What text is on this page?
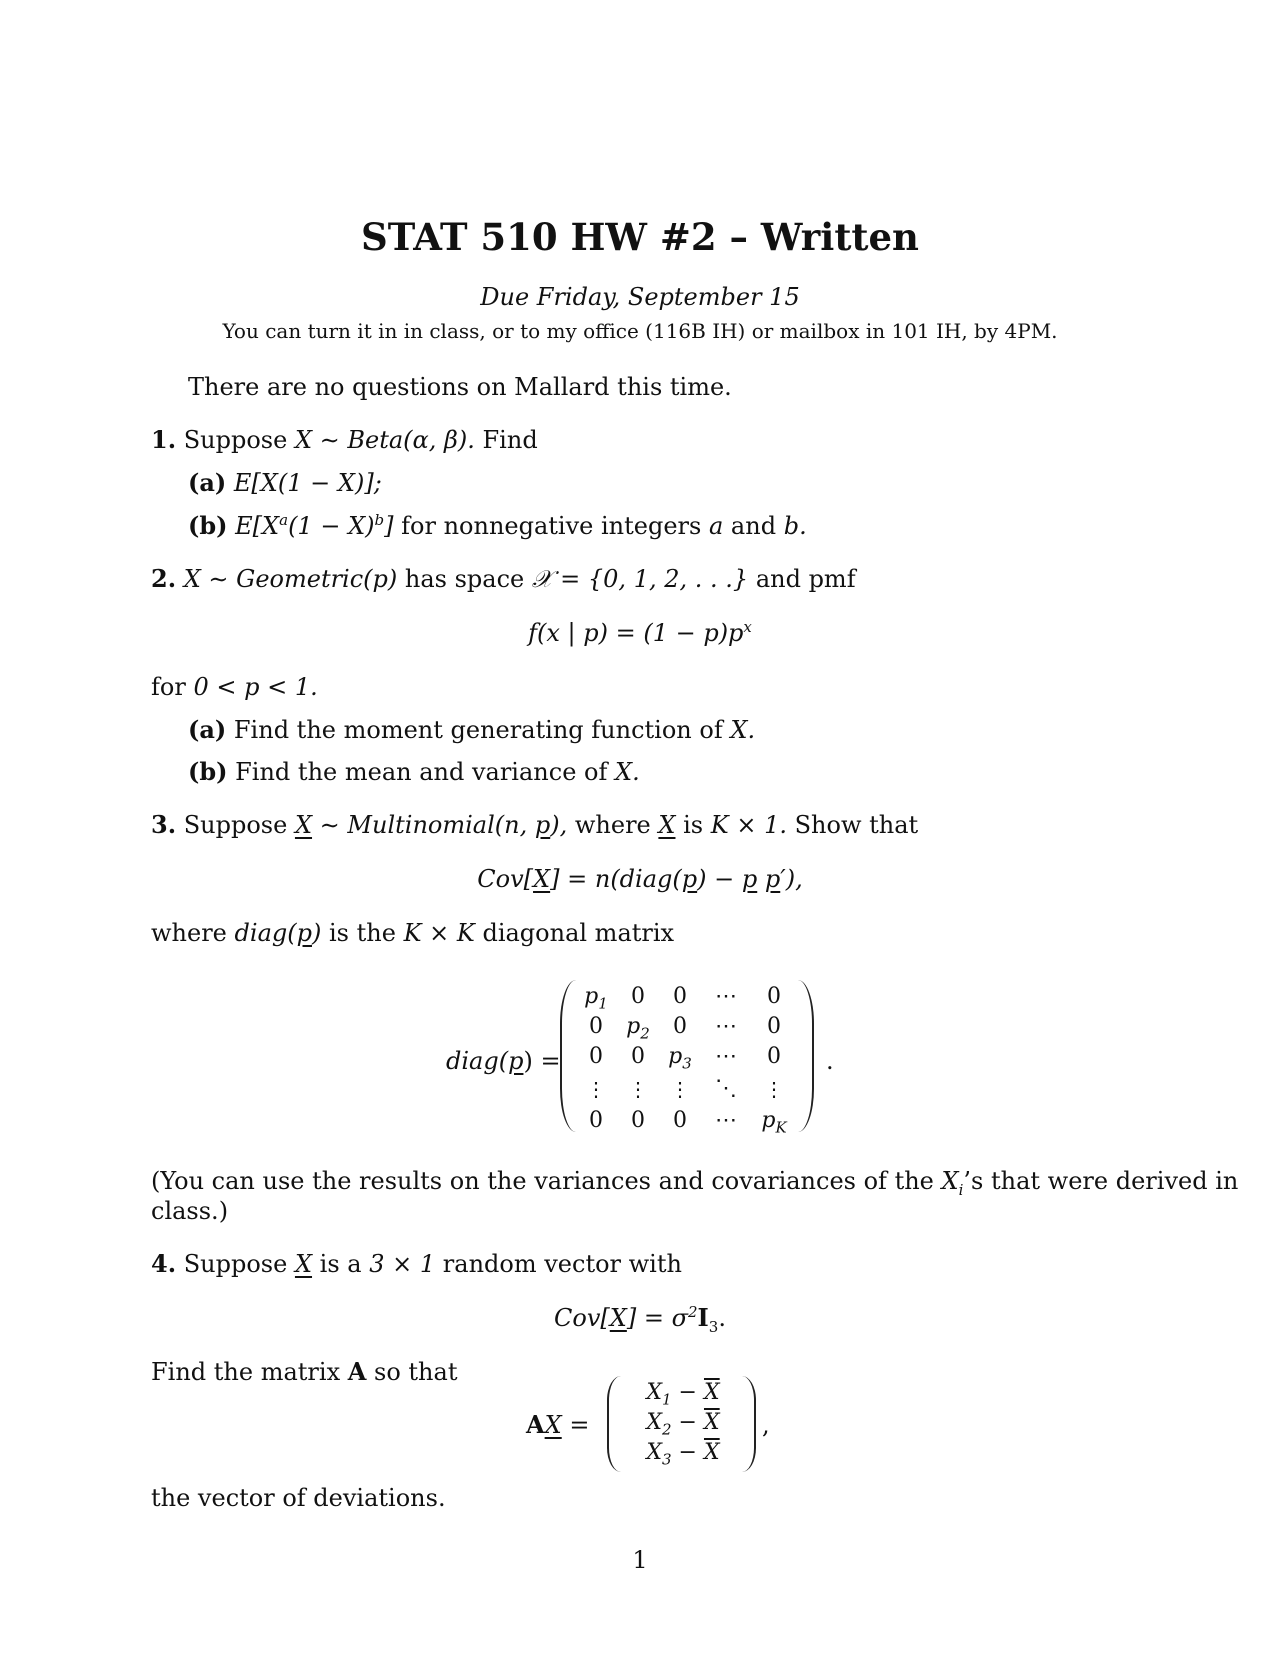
STAT 510 HW #2 – Written
Due Friday, September 15
You can turn it in in class, or to my office (116B IH) or mailbox in 101 IH, by 4PM.
There are no questions on Mallard this time.
1. Suppose X ∼ Beta(α, β). Find
(a) E[X(1 − X)];
(b) $E[X^a(1 - X)^b]$ for nonnegative integers a and b.
2. X ∼ Geometric(p) has space 𝒳 = {0, 1, 2, . . .} and pmf
f(x | $p) = (1 - p)p^x$
for 0 < p < 1.
(a) Find the moment generating function of X.
(b) Find the mean and variance of X.
3. Suppose X ∼ Multinomial(n, p), where X is K × 1. Show that
Cov[X] = n(diag(p) − p p′),
where diag(p) is the K × K diagonal matrix
diag(p) =
$p_1$	0	0	⋯	0
0	$p_2$	0	⋯	0
0	0	$p_3$	⋯	0
⋮	⋮	⋮	⋱	⋮
0	0	0	⋯	$p_K$
.
(You can use the results on the variances and covariances of the $X_i’s$ that were derived in
class.)
4. Suppose X is a 3 × 1 random vector with
$Cov[X] = \sigma^2I_3$.
Find the matrix A so that
AX =
$X_1 - \overline{X}$
$X_2 - \overline{X}$
$X_3 - \overline{X}$
,
the vector of deviations.
1
